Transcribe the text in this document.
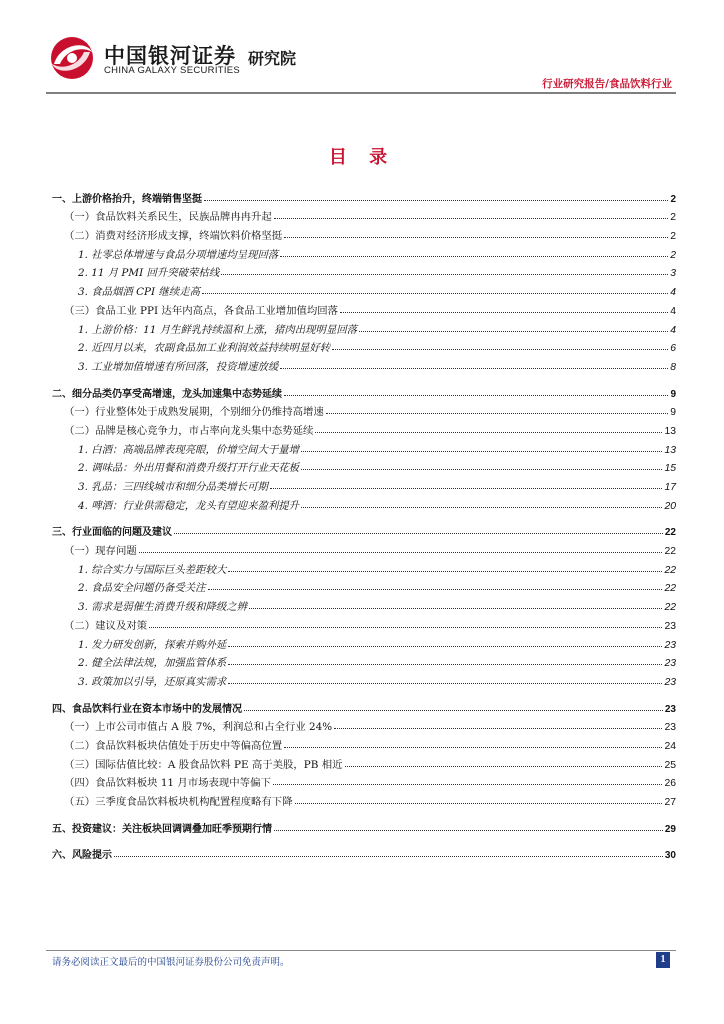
中国银河证券 研究院
CHINA GALAXY SECURITIES
行业研究报告/食品饮料行业
目 录
一、上游价格抬升，终端销售坚挺	2
（一）食品饮料关系民生，民族品牌冉冉升起	2
（二）消费对经济形成支撑，终端饮料价格坚挺	2
1. 社零总体增速与食品分项增速均呈现回落	2
2. 11 月 PMI 回升突破荣枯线	3
3. 食品烟酒 CPI 继续走高	4
（三）食品工业 PPI 达年内高点，各食品工业增加值均回落	4
1. 上游价格：11 月生鲜乳持续温和上涨，猪肉出现明显回落	4
2. 近四月以来，农副食品加工业利润效益持续明显好转	6
3. 工业增加值增速有所回落，投资增速放缓	8
二、细分品类仍享受高增速，龙头加速集中态势延续	9
（一）行业整体处于成熟发展期，个别细分仍维持高增速	9
（二）品牌是核心竞争力，市占率向龙头集中态势延续	13
1. 白酒：高端品牌表现亮眼，价增空间大于量增	13
2. 调味品：外出用餐和消费升级打开行业天花板	15
3. 乳品：三四线城市和细分品类增长可期	17
4. 啤酒：行业供需稳定，龙头有望迎来盈利提升	20
三、行业面临的问题及建议	22
（一）现存问题	22
1. 综合实力与国际巨头差距较大	22
2. 食品安全问题仍备受关注	22
3. 需求是弱催生消费升级和降级之辨	22
（二）建议及对策	23
1. 发力研发创新，探索并购外延	23
2. 健全法律法规，加强监管体系	23
3. 政策加以引导，还原真实需求	23
四、食品饮料行业在资本市场中的发展情况	23
（一）上市公司市值占 A 股 7%，利润总和占全行业 24%	23
（二）食品饮料板块估值处于历史中等偏高位置	24
（三）国际估值比较：A 股食品饮料 PE 高于美股，PB 相近	25
（四）食品饮料板块 11 月市场表现中等偏下	26
（五）三季度食品饮料板块机构配置程度略有下降	27
五、投资建议：关注板块回调调叠加旺季预期行情	29
六、风险提示	30
请务必阅读正文最后的中国银河证券股份公司免责声明。	1
